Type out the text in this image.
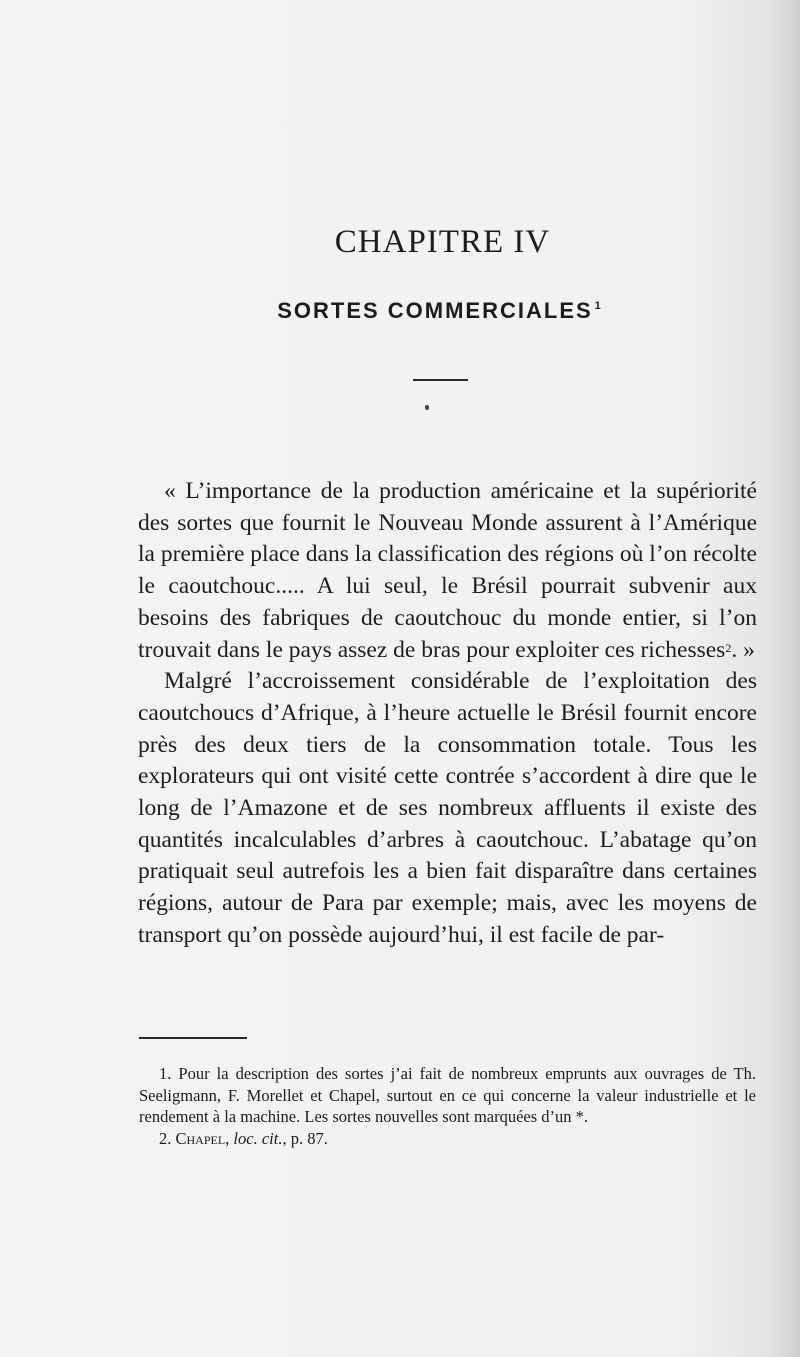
CHAPITRE IV
SORTES COMMERCIALES $^1$

« L’importance de la production américaine et la supériorité des sortes que fournit le Nouveau Monde assurent à l’Amérique la première place dans la classification des régions où l’on récolte le caoutchouc..... A lui seul, le Brésil pourrait subvenir aux besoins des fabriques de caoutchouc du monde entier, si l’on trouvait dans le pays assez de bras pour exploiter ces richesses$^2$. »

Malgré l’accroissement considérable de l’exploitation des caoutchoucs d’Afrique, à l’heure actuelle le Brésil fournit encore près des deux tiers de la consommation totale. Tous les explorateurs qui ont visité cette contrée s’accordent à dire que le long de l’Amazone et de ses nombreux affluents il existe des quantités incalculables d’arbres à caoutchouc. L’abatage qu’on pratiquait seul autrefois les a bien fait disparaître dans certaines régions, autour de Para par exemple; mais, avec les moyens de transport qu’on possède aujourd’hui, il est facile de par-

1. Pour la description des sortes j’ai fait de nombreux emprunts aux ouvrages de Th. Seeligmann, F. Morellet et Chapel, surtout en ce qui concerne la valeur industrielle et le rendement à la machine. Les sortes nouvelles sont marquées d’un *.

2. Chapel, loc. cit., p. 87.
